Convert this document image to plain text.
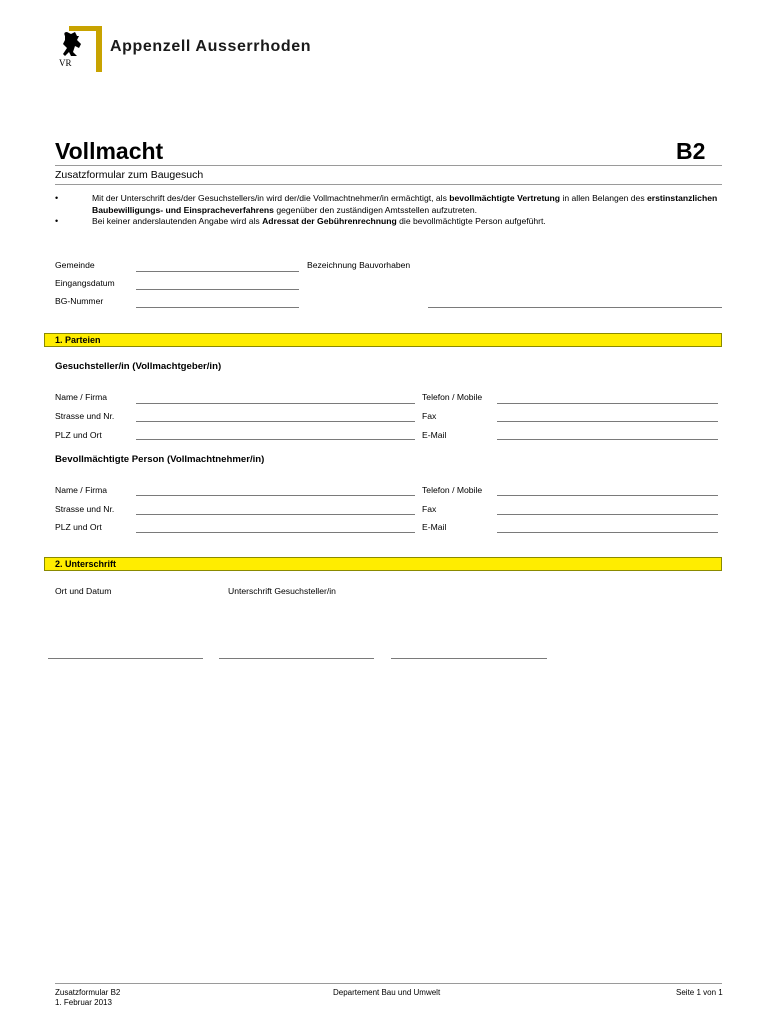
VR
Appenzell Ausserrhoden
Vollmacht	B2
Zusatzformular zum Baugesuch
•	Mit der Unterschrift des/der Gesuchstellers/in wird der/die Vollmachtnehmer/in ermächtigt, als bevollmächtigte Vertretung in allen Belangen des erstinstanzlichen Baubewilligungs- und Einspracheverfahrens gegenüber den zuständigen Amtsstellen aufzutreten.
•	Bei keiner anderslautenden Angabe wird als Adressat der Gebührenrechnung die bevollmächtigte Person aufgeführt.
Gemeinde	Bezeichnung Bauvorhaben
Eingangsdatum
BG-Nummer
1. Parteien
Gesuchsteller/in (Vollmachtgeber/in)
Name / Firma	Telefon / Mobile
Strasse und Nr.	Fax
PLZ und Ort	E-Mail
Bevollmächtigte Person (Vollmachtnehmer/in)
Name / Firma	Telefon / Mobile
Strasse und Nr.	Fax
PLZ und Ort	E-Mail
2. Unterschrift
Ort und Datum	Unterschrift Gesuchsteller/in
Zusatzformular B2
1. Februar 2013
Departement Bau und Umwelt	Seite 1 von 1
